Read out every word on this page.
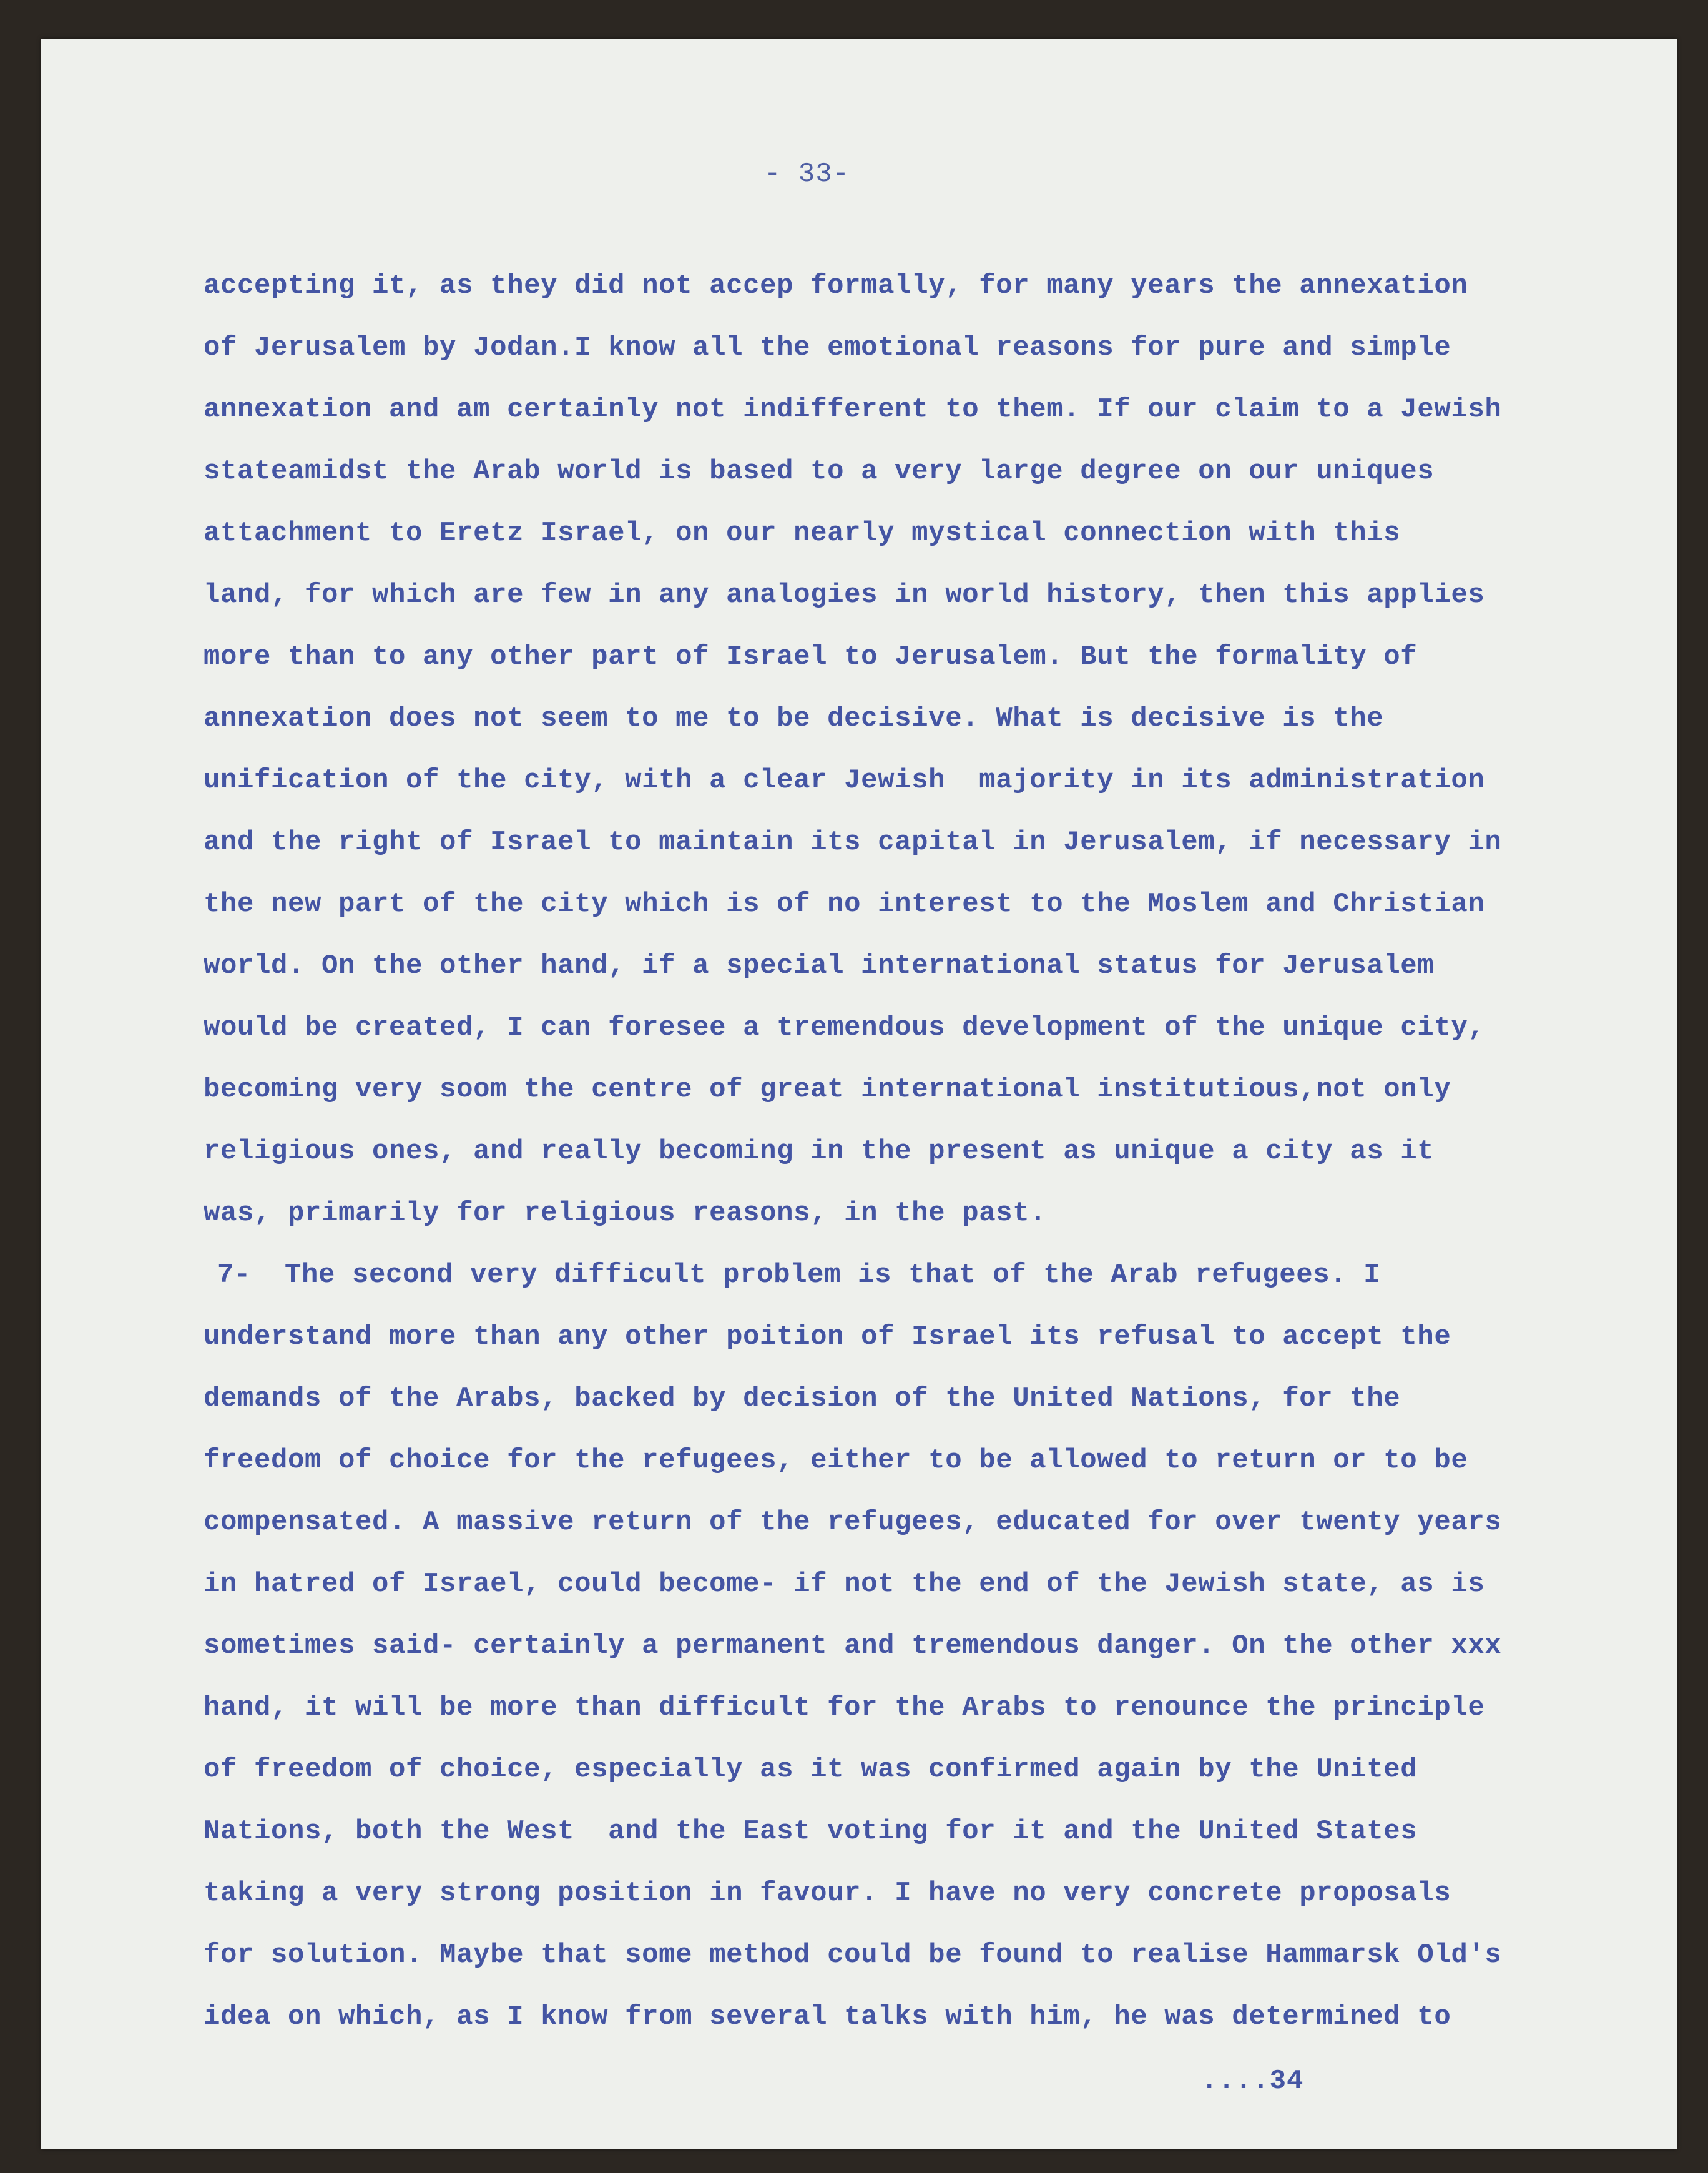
- 33-
accepting it, as they did not accep formally, for many years the annexation
of Jerusalem by Jodan.I know all the emotional reasons for pure and simple
annexation and am certainly not indifferent to them. If our claim to a Jewish
stateamidst the Arab world is based to a very large degree on our uniques
attachment to Eretz Israel, on our nearly mystical connection with this
land, for which are few in any analogies in world history, then this applies
more than to any other part of Israel to Jerusalem. But the formality of
annexation does not seem to me to be decisive. What is decisive is the
unification of the city, with a clear Jewish  majority in its administration
and the right of Israel to maintain its capital in Jerusalem, if necessary in
the new part of the city which is of no interest to the Moslem and Christian
world. On the other hand, if a special international status for Jerusalem
would be created, I can foresee a tremendous development of the unique city,
becoming very soom the centre of great international institutious,not only
religious ones, and really becoming in the present as unique a city as it
was, primarily for religious reasons, in the past.
7-  The second very difficult problem is that of the Arab refugees. I
understand more than any other poition of Israel its refusal to accept the
demands of the Arabs, backed by decision of the United Nations, for the
freedom of choice for the refugees, either to be allowed to return or to be
compensated. A massive return of the refugees, educated for over twenty years
in hatred of Israel, could become- if not the end of the Jewish state, as is
sometimes said- certainly a permanent and tremendous danger. On the other xxx
hand, it will be more than difficult for the Arabs to renounce the principle
of freedom of choice, especially as it was confirmed again by the United
Nations, both the West  and the East voting for it and the United States
taking a very strong position in favour. I have no very concrete proposals
for solution. Maybe that some method could be found to realise Hammarsk Old's
idea on which, as I know from several talks with him, he was determined to
....34
